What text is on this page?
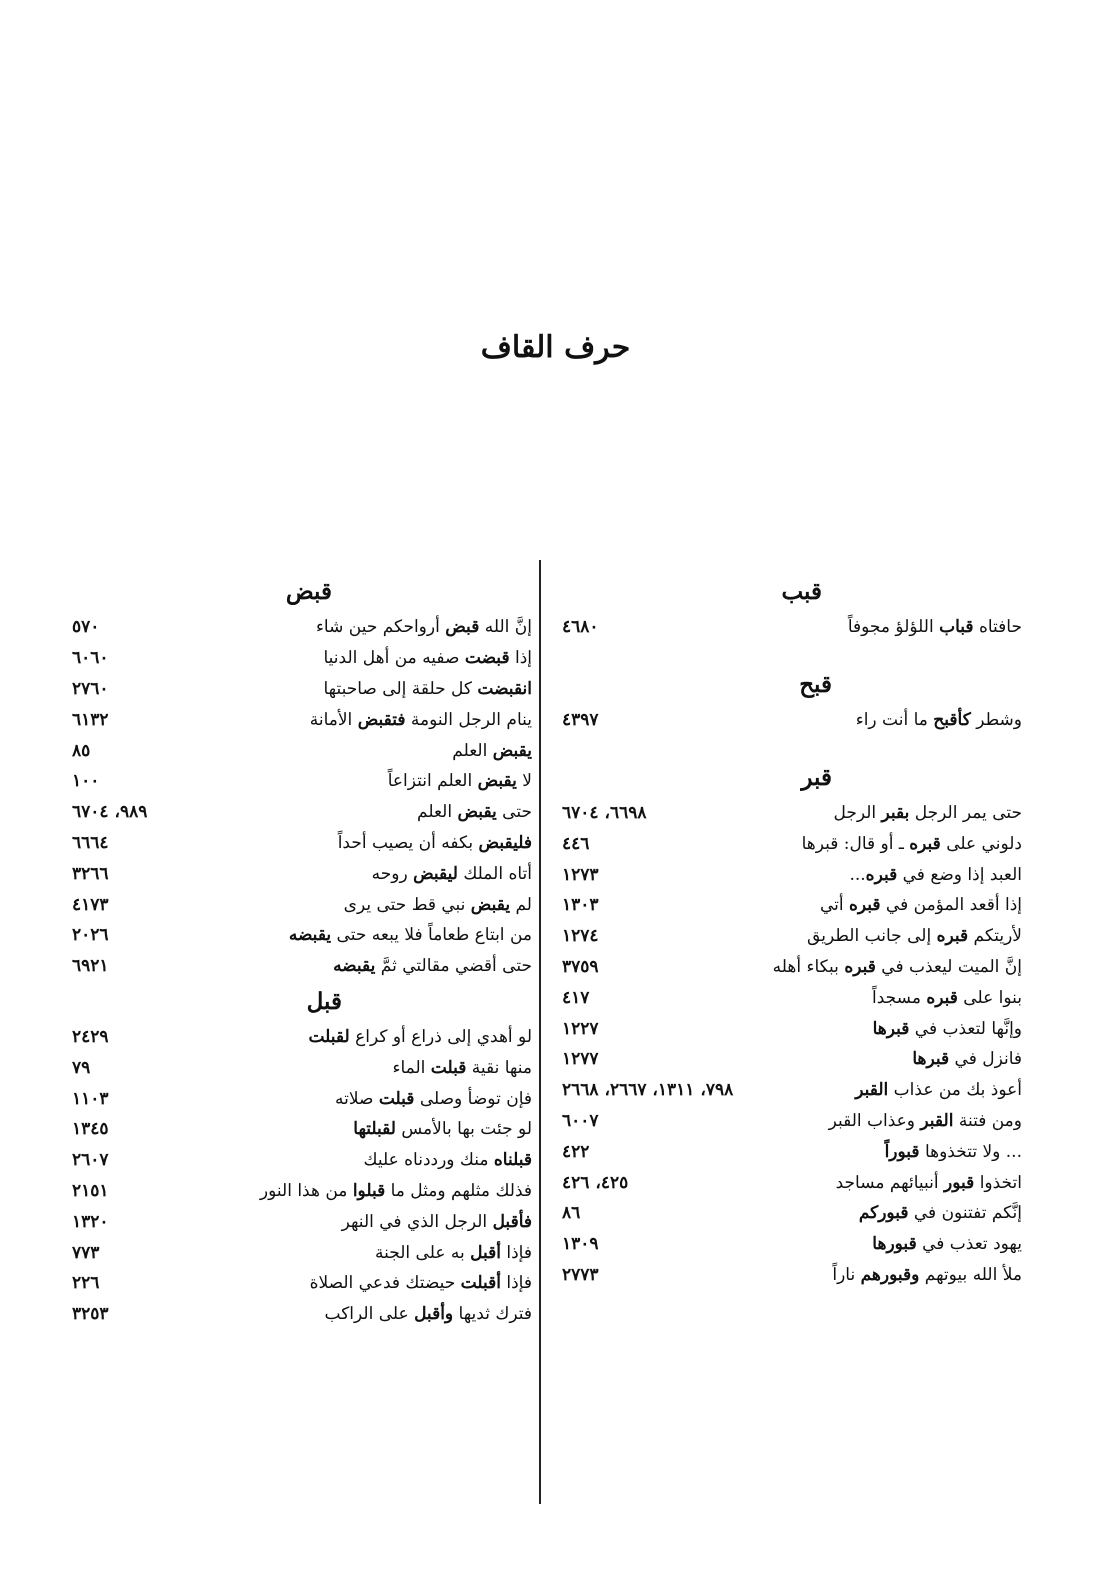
حرف القاف
قبب
حافتاه قباب اللؤلؤ مجوفاً
٤٦٨٠
قبح
وشطر كأقبح ما أنت راء
٤٣٩٧
قبر
حتى يمر الرجل بقبر الرجل
٦٦٩٨، ٦٧٠٤
دلوني على قبره ـ أو قال: قبرها
٤٤٦
العبد إذا وضع في قبره...
١٢٧٣
إذا أقعد المؤمن في قبره أتي
١٣٠٣
لأريتكم قبره إلى جانب الطريق
١٢٧٤
إنَّ الميت ليعذب في قبره ببكاء أهله
٣٧٥٩
بنوا على قبره مسجداً
٤١٧
وإنَّها لتعذب في قبرها
١٢٢٧
فانزل في قبرها
١٢٧٧
أعوذ بك من عذاب القبر
٧٩٨، ١٣١١، ٢٦٦٧، ٢٦٦٨
ومن فتنة القبر وعذاب القبر
٦٠٠٧
... ولا تتخذوها قبوراً
٤٢٢
اتخذوا قبور أنبيائهم مساجد
٤٢٥، ٤٢٦
إنَّكم تفتنون في قبوركم
٨٦
يهود تعذب في قبورها
١٣٠٩
ملأ الله بيوتهم وقبورهم ناراً
٢٧٧٣
قبض
إنَّ الله قبض أرواحكم حين شاء
٥٧٠
إذا قبضت صفيه من أهل الدنيا
٦٠٦٠
انقبضت كل حلقة إلى صاحبتها
٢٧٦٠
ينام الرجل النومة فتقبض الأمانة
٦١٣٢
يقبض العلم
٨٥
لا يقبض العلم انتزاعاً
١٠٠
حتى يقبض العلم
٩٨٩، ٦٧٠٤
فليقبض بكفه أن يصيب أحداً
٦٦٦٤
أتاه الملك ليقبض روحه
٣٢٦٦
لم يقبض نبي قط حتى يرى
٤١٧٣
من ابتاع طعاماً فلا يبعه حتى يقبضه
٢٠٢٦
حتى أقضي مقالتي ثمَّ يقبضه
٦٩٢١
قبل
لو أهدي إلى ذراع أو كراع لقبلت
٢٤٢٩
منها نقية قبلت الماء
٧٩
فإن توضأ وصلى قبلت صلاته
١١٠٣
لو جئت بها بالأمس لقبلتها
١٣٤٥
قبلناه منك ورددناه عليك
٢٦٠٧
فذلك مثلهم ومثل ما قبلوا من هذا النور
٢١٥١
فأقبل الرجل الذي في النهر
١٣٢٠
فإذا أقبل به على الجنة
٧٧٣
فإذا أقبلت حيضتك فدعي الصلاة
٢٢٦
فترك ثديها وأقبل على الراكب
٣٢٥٣
